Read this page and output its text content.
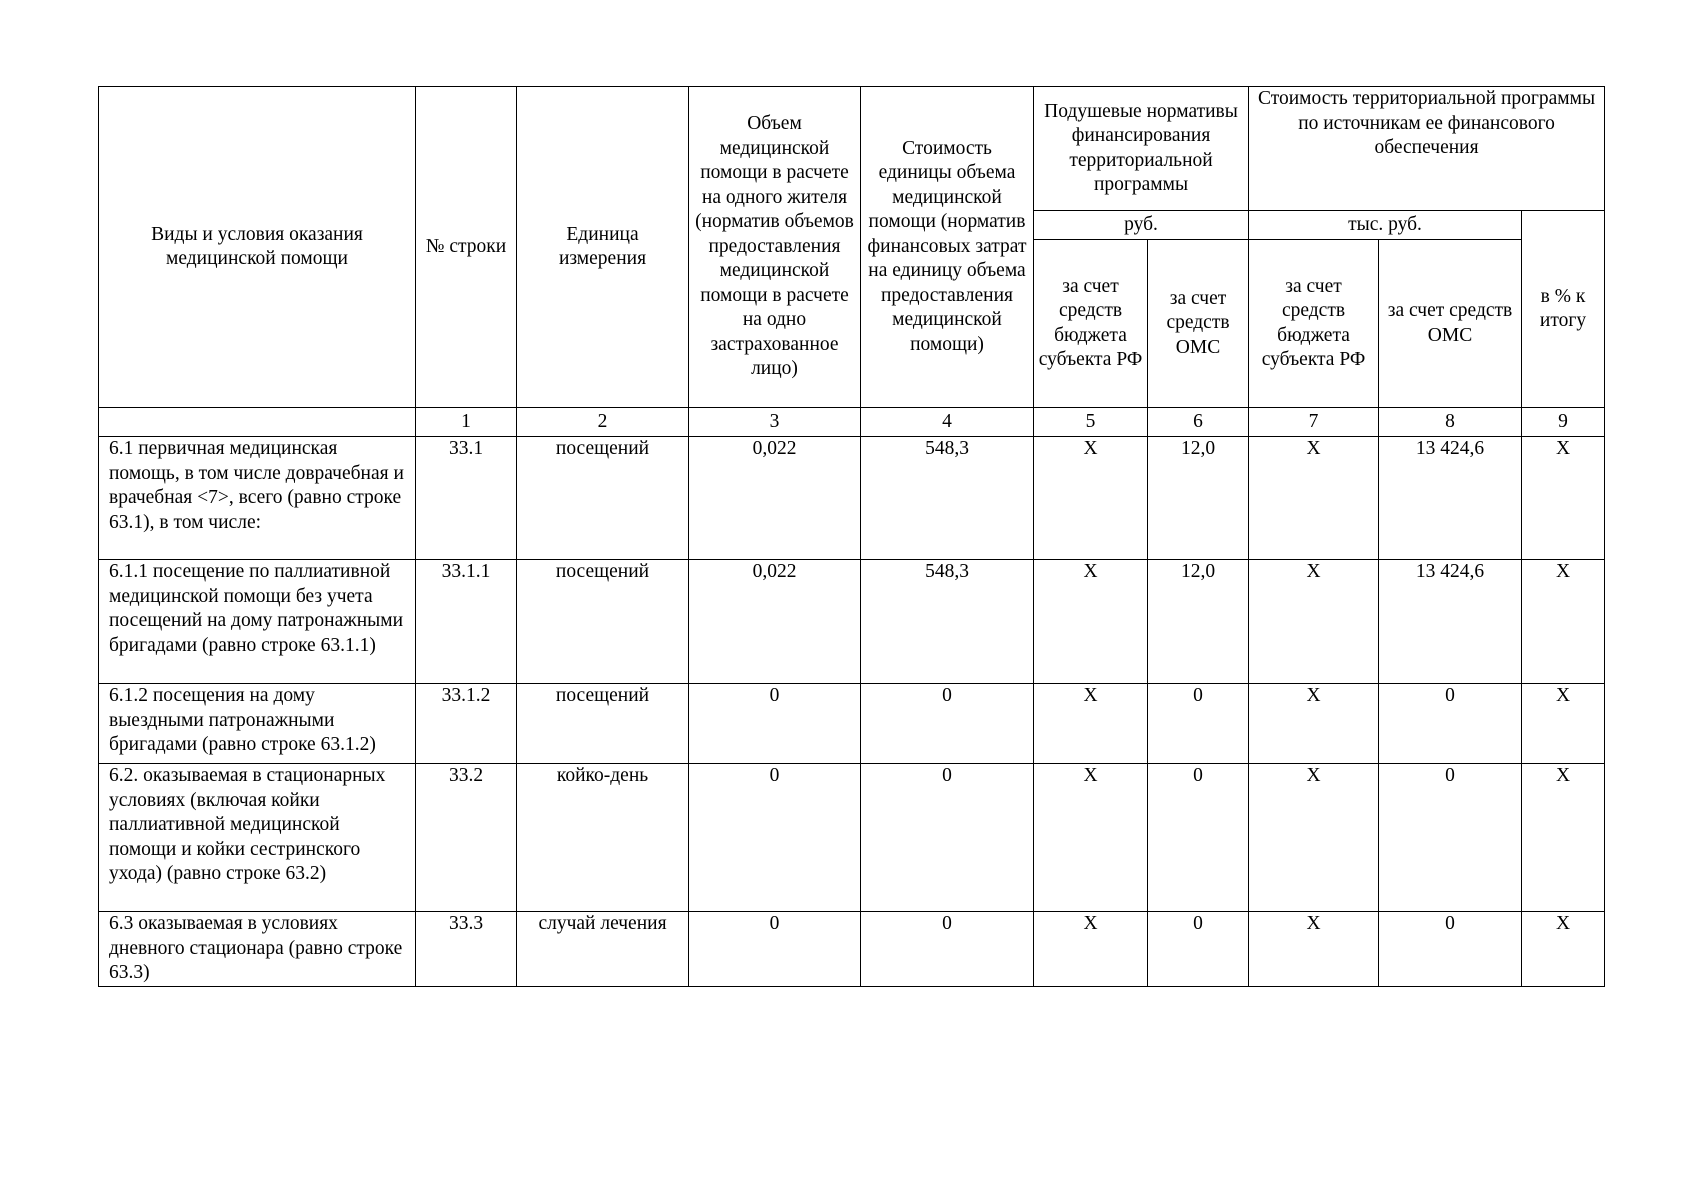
Виды и условия оказания медицинской помощи	№ строки	Единица измерения	Объем медицинской помощи в расчете на одного жителя (норматив объемов предоставления медицинской помощи в расчете на одно застрахованное лицо)	Стоимость единицы объема медицинской помощи (норматив финансовых затрат на единицу объема предоставления медицинской помощи)	Подушевые нормативы финансирования территориальной программы		Стоимость территориальной программы по источникам ее финансового обеспечения		
					руб.		тыс. руб.		в % к итогу
					за счет средств бюджета субъекта РФ	за счет средств ОМС	за счет средств бюджета субъекта РФ	за счет средств ОМС	
	1	2	3	4	5	6	7	8	9
6.1 первичная медицинская помощь, в том числе доврачебная и врачебная <7>, всего (равно строке 63.1), в том числе:	33.1	посещений	0,022	548,3	X	12,0	X	13 424,6	X
6.1.1 посещение по паллиативной медицинской помощи без учета посещений на дому патронажными бригадами (равно строке 63.1.1)	33.1.1	посещений	0,022	548,3	X	12,0	X	13 424,6	X
6.1.2 посещения на дому выездными патронажными бригадами (равно строке 63.1.2)	33.1.2	посещений	0	0	X	0	X	0	X
6.2. оказываемая в стационарных условиях (включая койки паллиативной медицинской помощи и койки сестринского ухода) (равно строке 63.2)	33.2	койко-день	0	0	X	0	X	0	X
6.3 оказываемая в условиях дневного стационара (равно строке 63.3)	33.3	случай лечения	0	0	X	0	X	0	X
